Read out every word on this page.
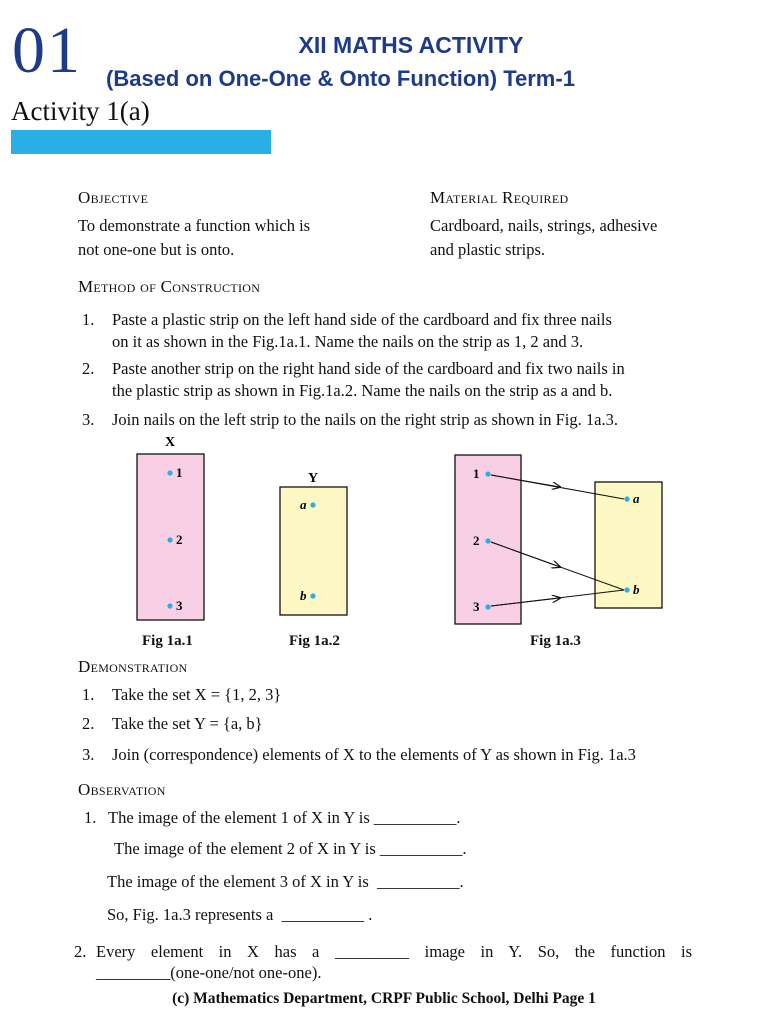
01	XII MATHS ACTIVITY
(Based on One-One & Onto Function) Term-1
Activity 1(a)
Objective
To demonstrate a function which is
not one-one but is onto.
Material Required
Cardboard, nails, strings, adhesive
and plastic strips.
Method of Construction
1. Paste a plastic strip on the left hand side of the cardboard and fix three nails
on it as shown in the Fig.1a.1. Name the nails on the strip as 1, 2 and 3.
2. Paste another strip on the right hand side of the cardboard and fix two nails in
the plastic strip as shown in Fig.1a.2. Name the nails on the strip as a and b.
3. Join nails on the left strip to the nails on the right strip as shown in Fig. 1a.3.
X
1
2
3
Y
a
b
1
2
3
a
b
Fig 1a.1	Fig 1a.2	Fig 1a.3
Demonstration
1. Take the set X = {1, 2, 3}
2. Take the set Y = {a, b}
3. Join (correspondence) elements of X to the elements of Y as shown in Fig. 1a.3
Observation
1. The image of the element 1 of X in Y is __________.
The image of the element 2 of X in Y is __________.
The image of the element 3 of X in Y is  __________.
So, Fig. 1a.3 represents a  __________ .
2. Every element in X has a _________ image in Y. So, the function is
_________(one-one/not one-one).
(c) Mathematics Department, CRPF Public School, Delhi Page 1
